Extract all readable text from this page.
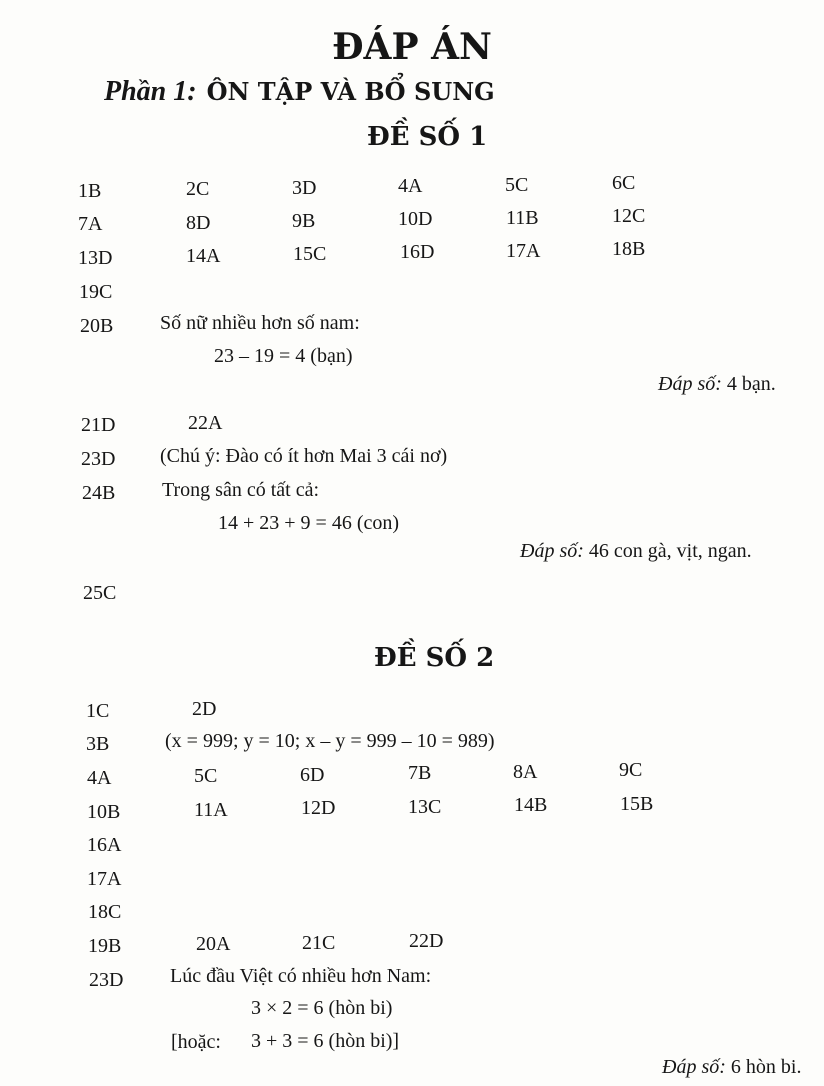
ĐÁP ÁN
Phần 1: ÔN TẬP VÀ BỔ SUNG
ĐỀ SỐ 1
1B	2C	3D	4A	5C	6C
7A	8D	9B	10D	11B	12C
13D	14A	15C	16D	17A	18B
19C
20B Số nữ nhiều hơn số nam:
23 – 19 = 4 (bạn)
Đáp số: 4 bạn.
21D	22A
23D (Chú ý: Đào có ít hơn Mai 3 cái nơ)
24B Trong sân có tất cả:
14 + 23 + 9 = 46 (con)
Đáp số: 46 con gà, vịt, ngan.
25C
ĐỀ SỐ 2
1C	2D
3B	(x = 999; y = 10; x – y = 999 – 10 = 989)
4A	5C	6D	7B	8A	9C
10B	11A	12D	13C	14B	15B
16A
17A
18C
19B	20A	21C	22D
23D Lúc đầu Việt có nhiều hơn Nam:
3 × 2 = 6 (hòn bi)
[hoặc: 3 + 3 = 6 (hòn bi)]
Đáp số: 6 hòn bi.
